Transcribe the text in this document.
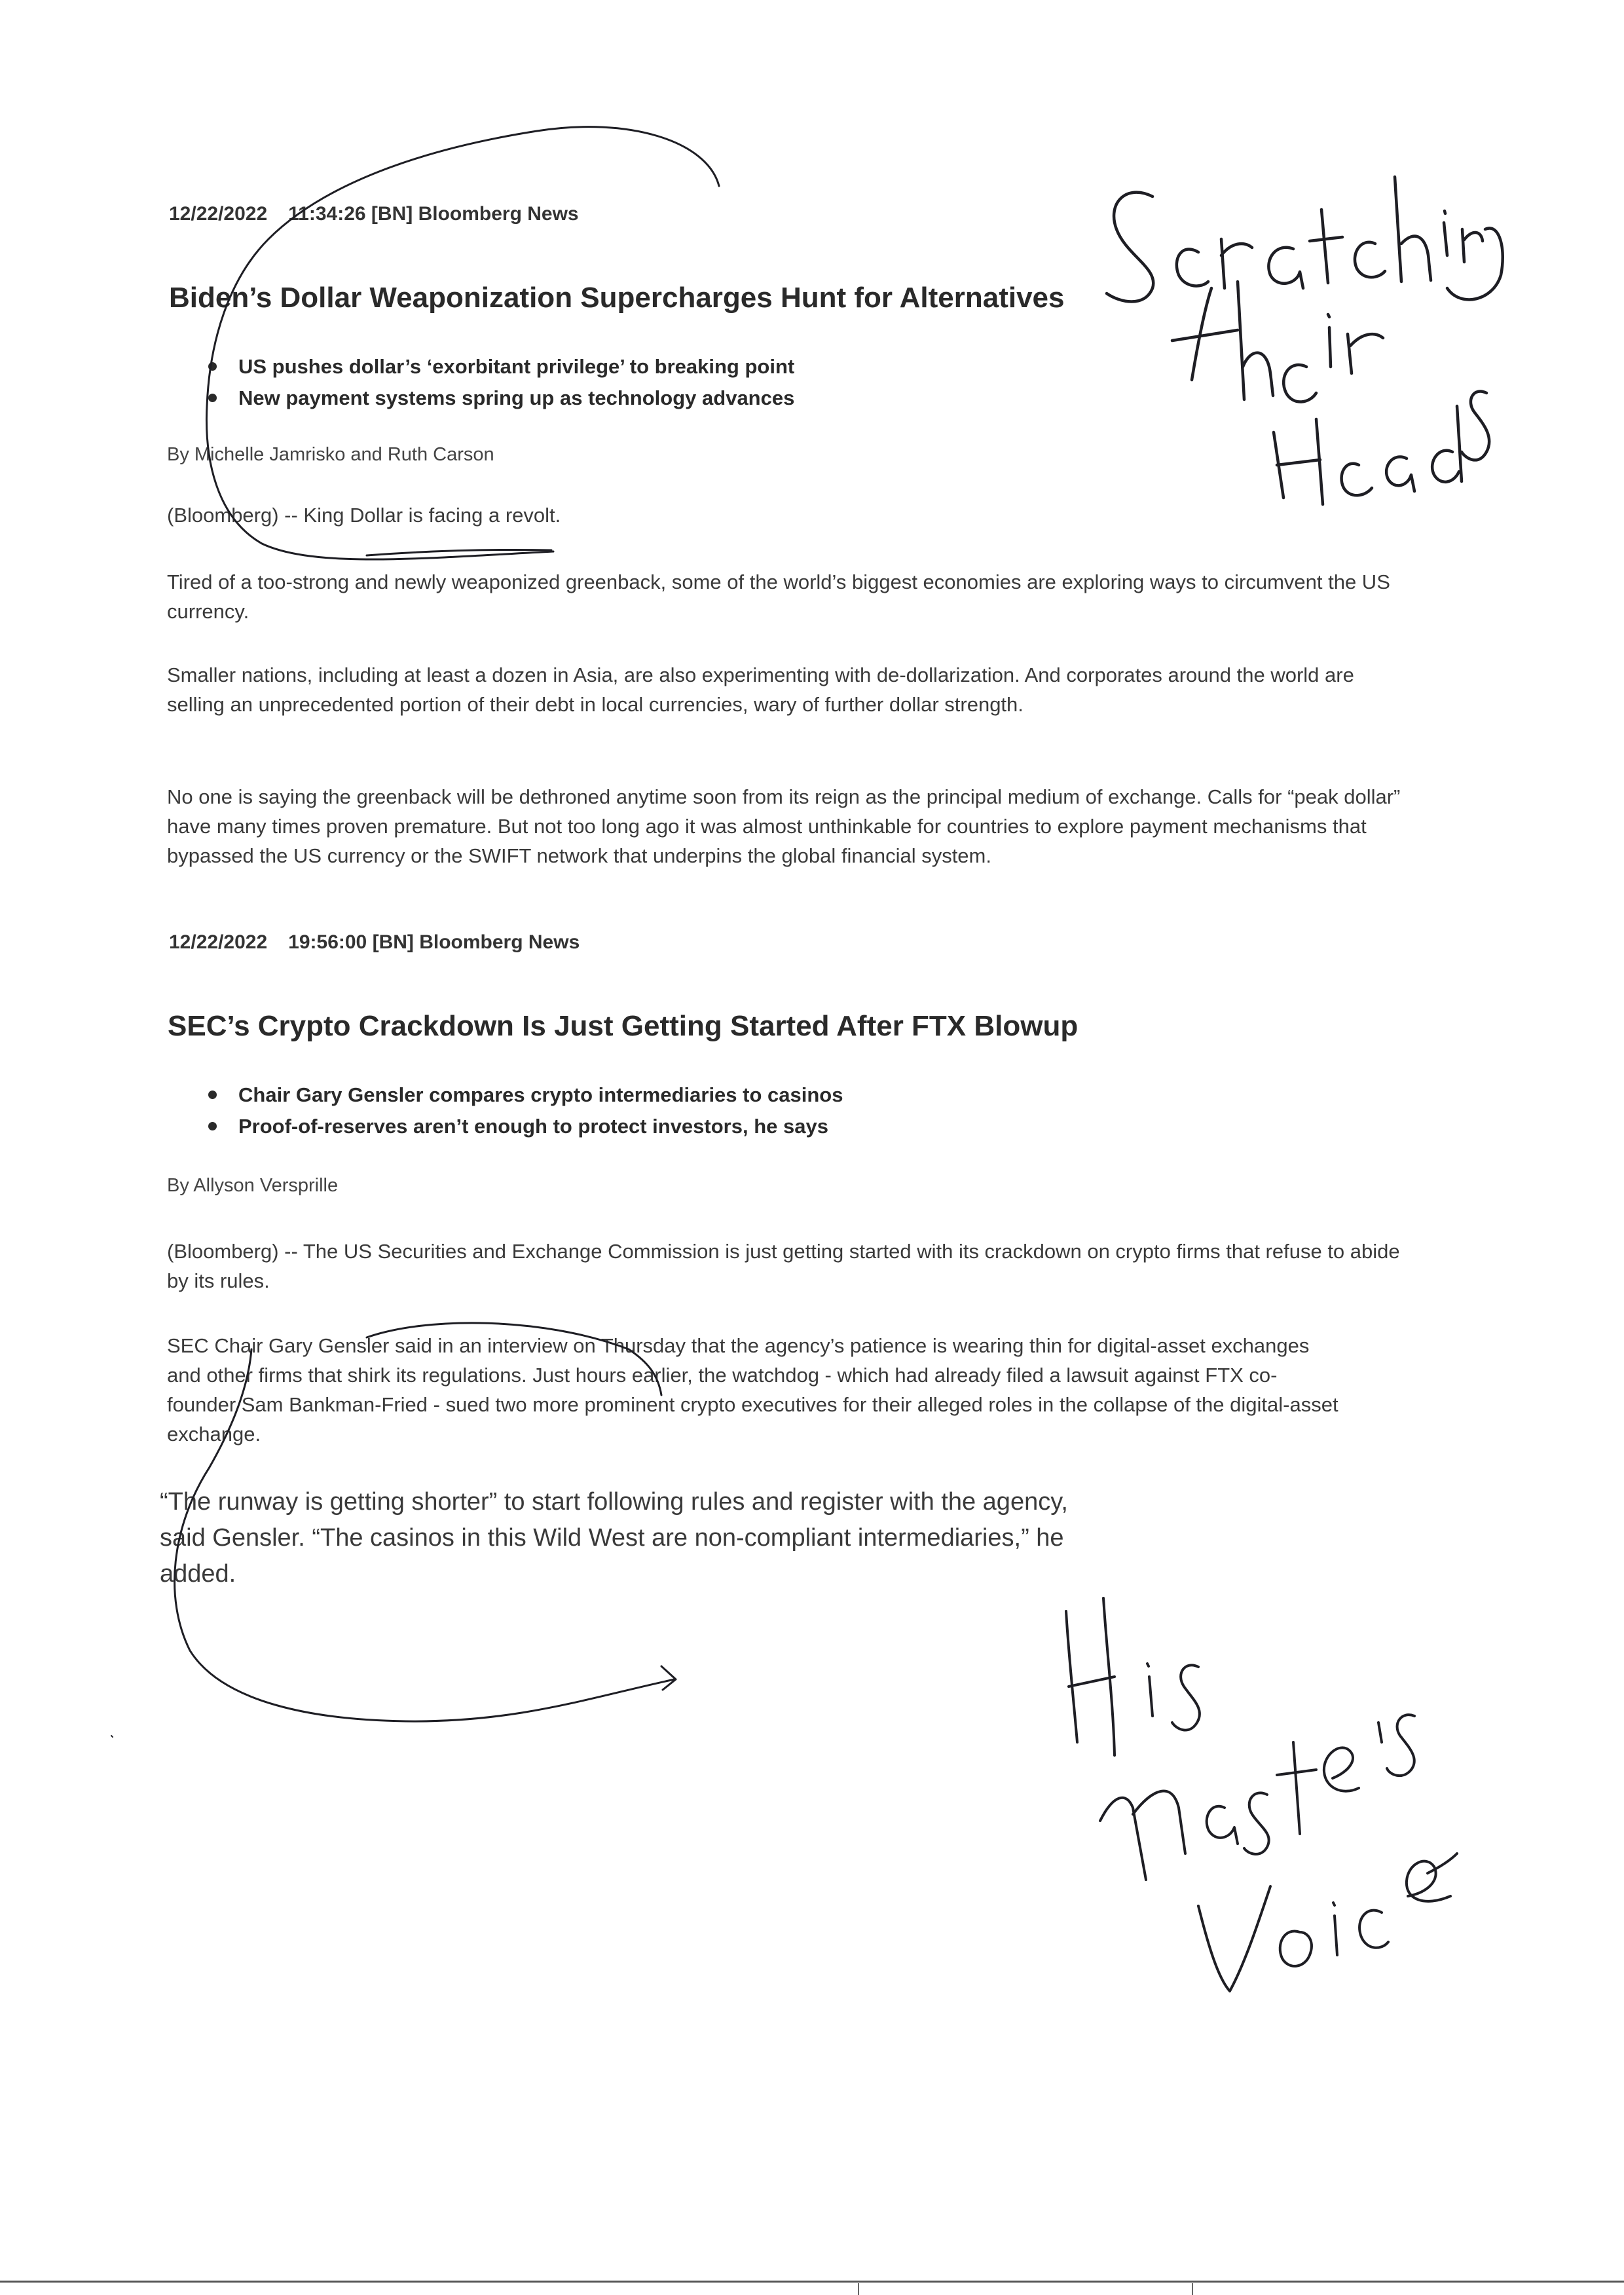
12/22/2022 11:34:26 [BN] Bloomberg News
Biden’s Dollar Weaponization Supercharges Hunt for Alternatives
US pushes dollar’s ‘exorbitant privilege’ to breaking point
New payment systems spring up as technology advances
By Michelle Jamrisko and Ruth Carson
(Bloomberg) -- King Dollar is facing a revolt.
Tired of a too-strong and newly weaponized greenback, some of the world’s biggest economies are exploring ways to circumvent the US currency.
Smaller nations, including at least a dozen in Asia, are also experimenting with de-dollarization. And corporates around the world are selling an unprecedented portion of their debt in local currencies, wary of further dollar strength.
No one is saying the greenback will be dethroned anytime soon from its reign as the principal medium of exchange. Calls for “peak dollar” have many times proven premature. But not too long ago it was almost unthinkable for countries to explore payment mechanisms that bypassed the US currency or the SWIFT network that underpins the global financial system.
12/22/2022 19:56:00 [BN] Bloomberg News
SEC’s Crypto Crackdown Is Just Getting Started After FTX Blowup
Chair Gary Gensler compares crypto intermediaries to casinos
Proof-of-reserves aren’t enough to protect investors, he says
By Allyson Versprille
(Bloomberg) -- The US Securities and Exchange Commission is just getting started with its crackdown on crypto firms that refuse to abide by its rules.
SEC Chair Gary Gensler said in an interview on Thursday that the agency’s patience is wearing thin for digital-asset exchanges and other firms that shirk its regulations. Just hours earlier, the watchdog - which had already filed a lawsuit against FTX co-founder Sam Bankman-Fried - sued two more prominent crypto executives for their alleged roles in the collapse of the digital-asset exchange.
“The runway is getting shorter” to start following rules and register with the agency, said Gensler. “The casinos in this Wild West are non-compliant intermediaries,” he added.
